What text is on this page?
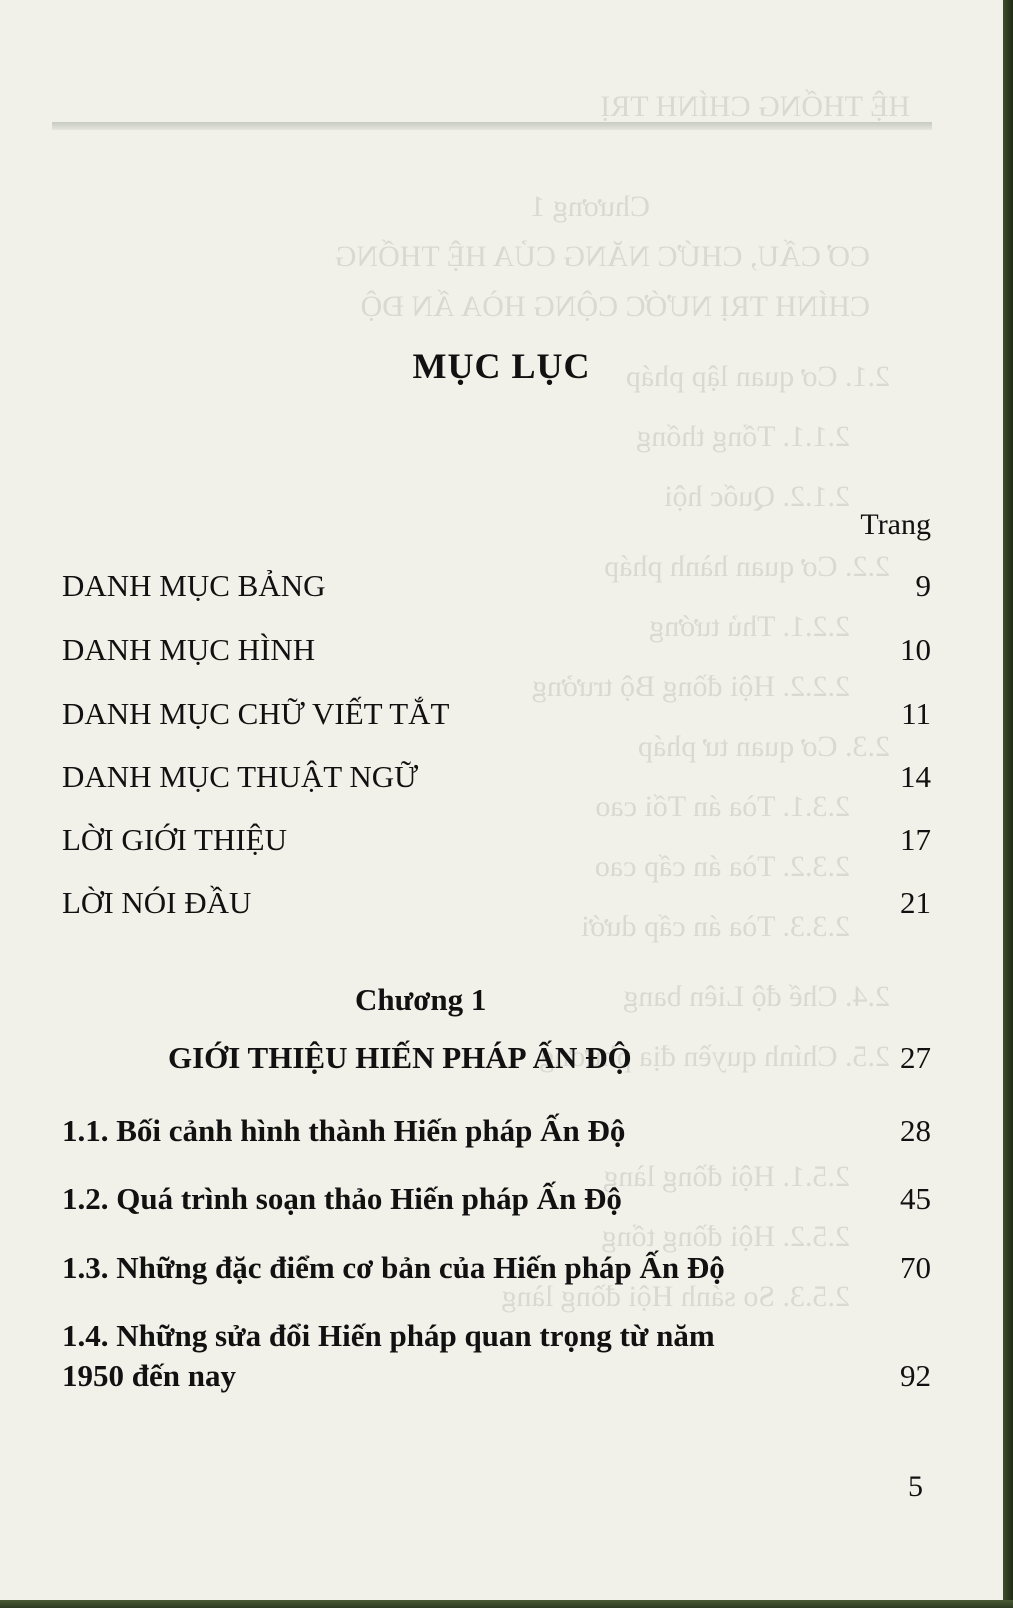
HỆ THỐNG CHÍNH TRỊ
Chương 1
CƠ CẤU, CHỨC NĂNG CỦA HỆ THỐNG
CHÍNH TRỊ NƯỚC CỘNG HÒA ẤN ĐỘ
2.1. Cơ quan lập pháp
2.1.1. Tổng thống
2.1.2. Quốc hội
2.2. Cơ quan hành pháp
2.2.1. Thủ tướng
2.2.2. Hội đồng Bộ trưởng
2.3. Cơ quan tư pháp
2.3.1. Tòa án Tối cao
2.3.2. Tòa án cấp cao
2.3.3. Tòa án cấp dưới
2.4. Chế độ Liên bang
2.5. Chính quyền địa phương
2.5.1. Hội đồng làng
2.5.2. Hội đồng tổng
2.5.3. So sánh Hội đồng làng
MỤC LỤC
Trang
DANH MỤC BẢNG	9
DANH MỤC HÌNH	10
DANH MỤC CHỮ VIẾT TẮT	11
DANH MỤC THUẬT NGỮ	14
LỜI GIỚI THIỆU	17
LỜI NÓI ĐẦU	21
Chương 1
GIỚI THIỆU HIẾN PHÁP ẤN ĐỘ	27
1.1. Bối cảnh hình thành Hiến pháp Ấn Độ	28
1.2. Quá trình soạn thảo Hiến pháp Ấn Độ	45
1.3. Những đặc điểm cơ bản của Hiến pháp Ấn Độ	70
1.4. Những sửa đổi Hiến pháp quan trọng từ năm
1950 đến nay	92
5
